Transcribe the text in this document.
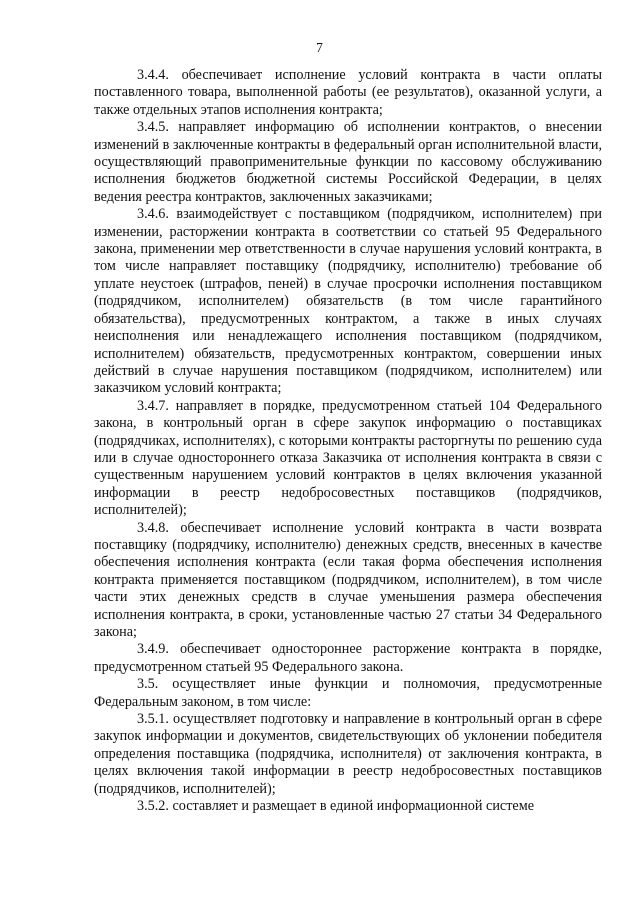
7

3.4.4. обеспечивает исполнение условий контракта в части оплаты поставленного товара, выполненной работы (ее результатов), оказанной услуги, а также отдельных этапов исполнения контракта;

3.4.5. направляет информацию об исполнении контрактов, о внесении изменений в заключенные контракты в федеральный орган исполнительной власти, осуществляющий правоприменительные функции по кассовому обслуживанию исполнения бюджетов бюджетной системы Российской Федерации, в целях ведения реестра контрактов, заключенных заказчиками;

3.4.6. взаимодействует с поставщиком (подрядчиком, исполнителем) при изменении, расторжении контракта в соответствии со статьей 95 Федерального закона, применении мер ответственности в случае нарушения условий контракта, в том числе направляет поставщику (подрядчику, исполнителю) требование об уплате неустоек (штрафов, пеней) в случае просрочки исполнения поставщиком (подрядчиком, исполнителем) обязательств (в том числе гарантийного обязательства), предусмотренных контрактом, а также в иных случаях неисполнения или ненадлежащего исполнения поставщиком (подрядчиком, исполнителем) обязательств, предусмотренных контрактом, совершении иных действий в случае нарушения поставщиком (подрядчиком, исполнителем) или заказчиком условий контракта;

3.4.7. направляет в порядке, предусмотренном статьей 104 Федерального закона, в контрольный орган в сфере закупок информацию о поставщиках (подрядчиках, исполнителях), с которыми контракты расторгнуты по решению суда или в случае одностороннего отказа Заказчика от исполнения контракта в связи с существенным нарушением условий контрактов в целях включения указанной информации в реестр недобросовестных поставщиков (подрядчиков, исполнителей);

3.4.8. обеспечивает исполнение условий контракта в части возврата поставщику (подрядчику, исполнителю) денежных средств, внесенных в качестве обеспечения исполнения контракта (если такая форма обеспечения исполнения контракта применяется поставщиком (подрядчиком, исполнителем), в том числе части этих денежных средств в случае уменьшения размера обеспечения исполнения контракта, в сроки, установленные частью 27 статьи 34 Федерального закона;

3.4.9. обеспечивает одностороннее расторжение контракта в порядке, предусмотренном статьей 95 Федерального закона.

3.5. осуществляет иные функции и полномочия, предусмотренные Федеральным законом, в том числе:

3.5.1. осуществляет подготовку и направление в контрольный орган в сфере закупок информации и документов, свидетельствующих об уклонении победителя определения поставщика (подрядчика, исполнителя) от заключения контракта, в целях включения такой информации в реестр недобросовестных поставщиков (подрядчиков, исполнителей);

3.5.2. составляет и размещает в единой информационной системе
